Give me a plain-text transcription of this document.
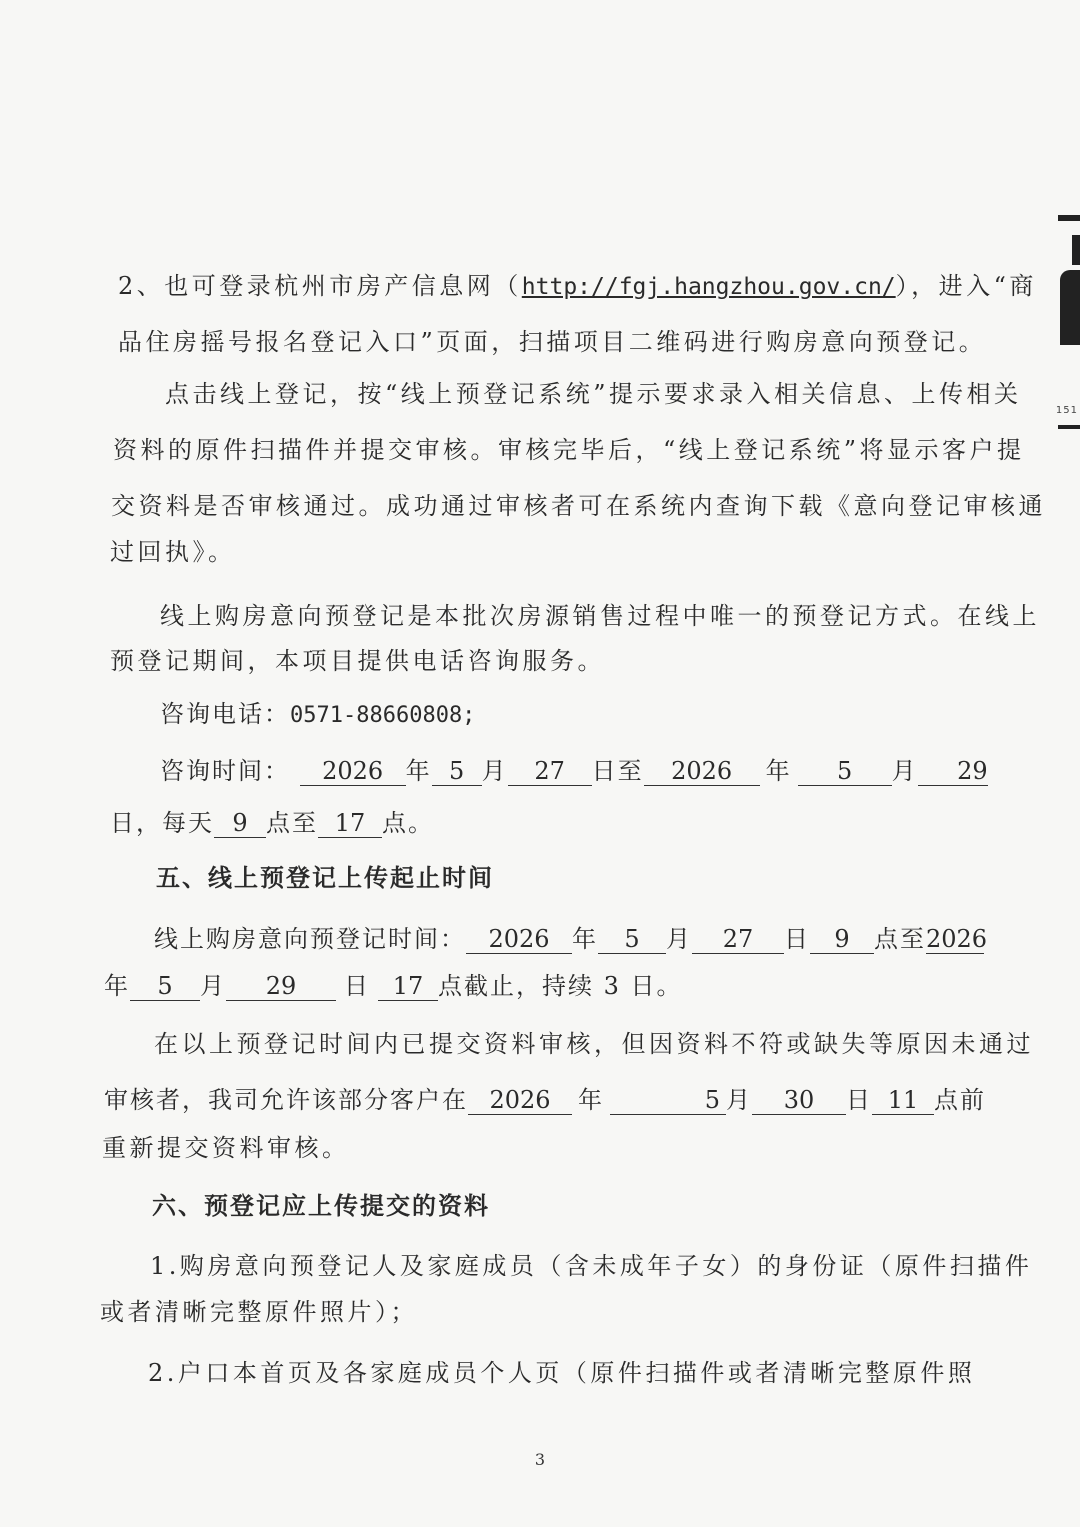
2、也可登录杭州市房产信息网（http://fgj.hangzhou.gov.cn/），进入“商
品住房摇号报名登记入口”页面，扫描项目二维码进行购房意向预登记。
点击线上登记，按“线上预登记系统”提示要求录入相关信息、上传相关
资料的原件扫描件并提交审核。审核完毕后，“线上登记系统”将显示客户提
交资料是否审核通过。成功通过审核者可在系统内查询下载《意向登记审核通
过回执》。
线上购房意向预登记是本批次房源销售过程中唯一的预登记方式。在线上
预登记期间，本项目提供电话咨询服务。
咨询电话：0571-88660808;
咨询时间： 2026 年 5 月 27 日至 2026 年 5 月 29
日，每天 9 点至 17 点。
五、线上预登记上传起止时间
线上购房意向预登记时间： 2026 年 5 月 27 日 9 点至2026
年 5 月 29 日 17 点截止，持续 3 日。
在以上预登记时间内已提交资料审核，但因资料不符或缺失等原因未通过
审核者，我司允许该部分客户在 2026 年	5 月 30 日 11 点前
重新提交资料审核。
六、预登记应上传提交的资料
1.购房意向预登记人及家庭成员（含未成年子女）的身份证（原件扫描件
或者清晰完整原件照片）；
2.户口本首页及各家庭成员个人页（原件扫描件或者清晰完整原件照
3
151
